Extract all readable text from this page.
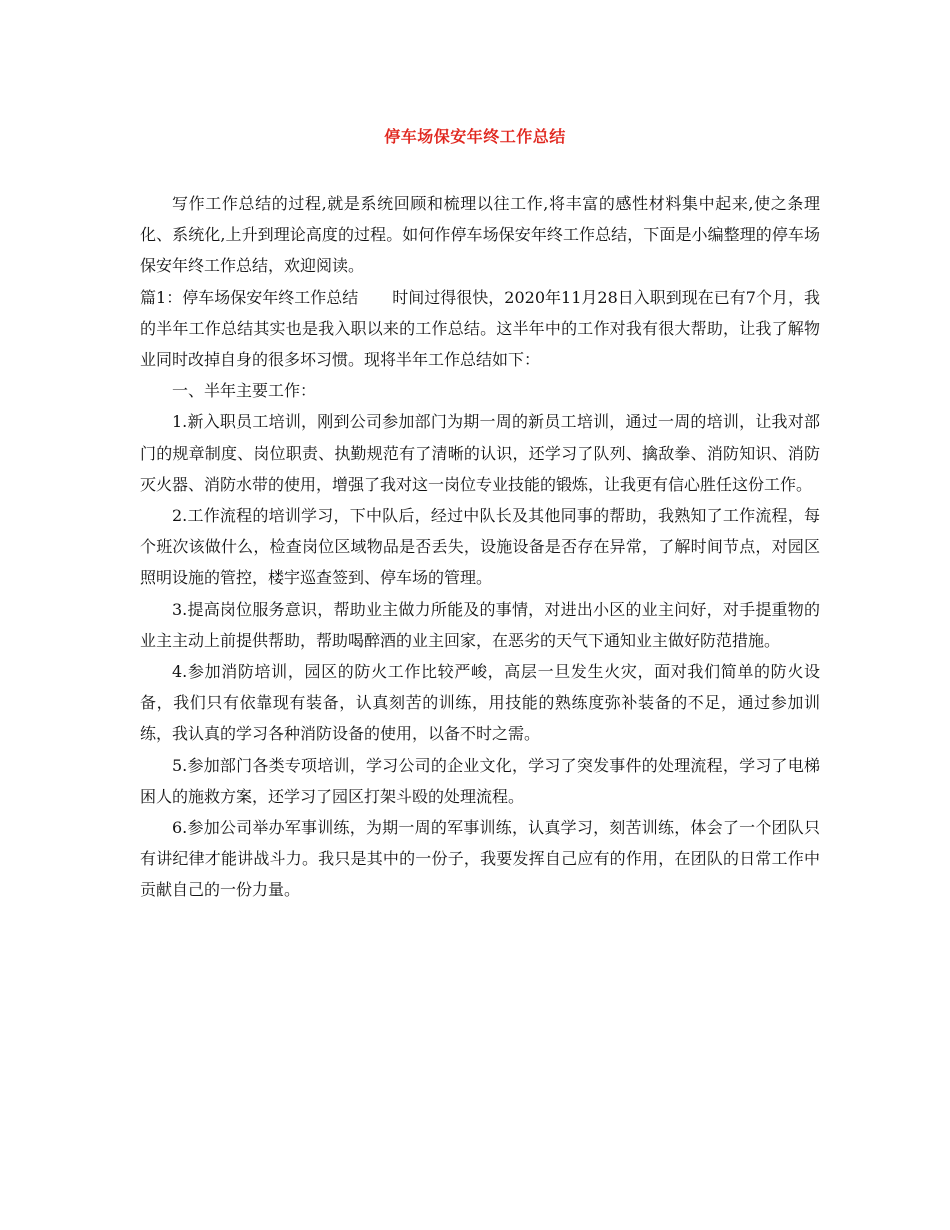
停车场保安年终工作总结

写作工作总结的过程,就是系统回顾和梳理以往工作,将丰富的感性材料集中起来,使之条理化、系统化,上升到理论高度的过程。如何作停车场保安年终工作总结，下面是小编整理的停车场保安年终工作总结，欢迎阅读。

篇1：停车场保安年终工作总结 时间过得很快，2020年11月28日入职到现在已有7个月，我的半年工作总结其实也是我入职以来的工作总结。这半年中的工作对我有很大帮助，让我了解物业同时改掉自身的很多坏习惯。现将半年工作总结如下：

一、半年主要工作：

1.新入职员工培训，刚到公司参加部门为期一周的新员工培训，通过一周的培训，让我对部门的规章制度、岗位职责、执勤规范有了清晰的认识，还学习了队列、擒敌拳、消防知识、消防灭火器、消防水带的使用，增强了我对这一岗位专业技能的锻炼，让我更有信心胜任这份工作。

2.工作流程的培训学习，下中队后，经过中队长及其他同事的帮助，我熟知了工作流程，每个班次该做什么，检查岗位区域物品是否丢失，设施设备是否存在异常，了解时间节点，对园区照明设施的管控，楼宇巡查签到、停车场的管理。

3.提高岗位服务意识，帮助业主做力所能及的事情，对进出小区的业主问好，对手提重物的业主主动上前提供帮助，帮助喝醉酒的业主回家，在恶劣的天气下通知业主做好防范措施。

4.参加消防培训，园区的防火工作比较严峻，高层一旦发生火灾，面对我们简单的防火设备，我们只有依靠现有装备，认真刻苦的训练，用技能的熟练度弥补装备的不足，通过参加训练，我认真的学习各种消防设备的使用，以备不时之需。

5.参加部门各类专项培训，学习公司的企业文化，学习了突发事件的处理流程，学习了电梯困人的施救方案，还学习了园区打架斗殴的处理流程。

6.参加公司举办军事训练，为期一周的军事训练，认真学习，刻苦训练，体会了一个团队只有讲纪律才能讲战斗力。我只是其中的一份子，我要发挥自己应有的作用，在团队的日常工作中贡献自己的一份力量。
